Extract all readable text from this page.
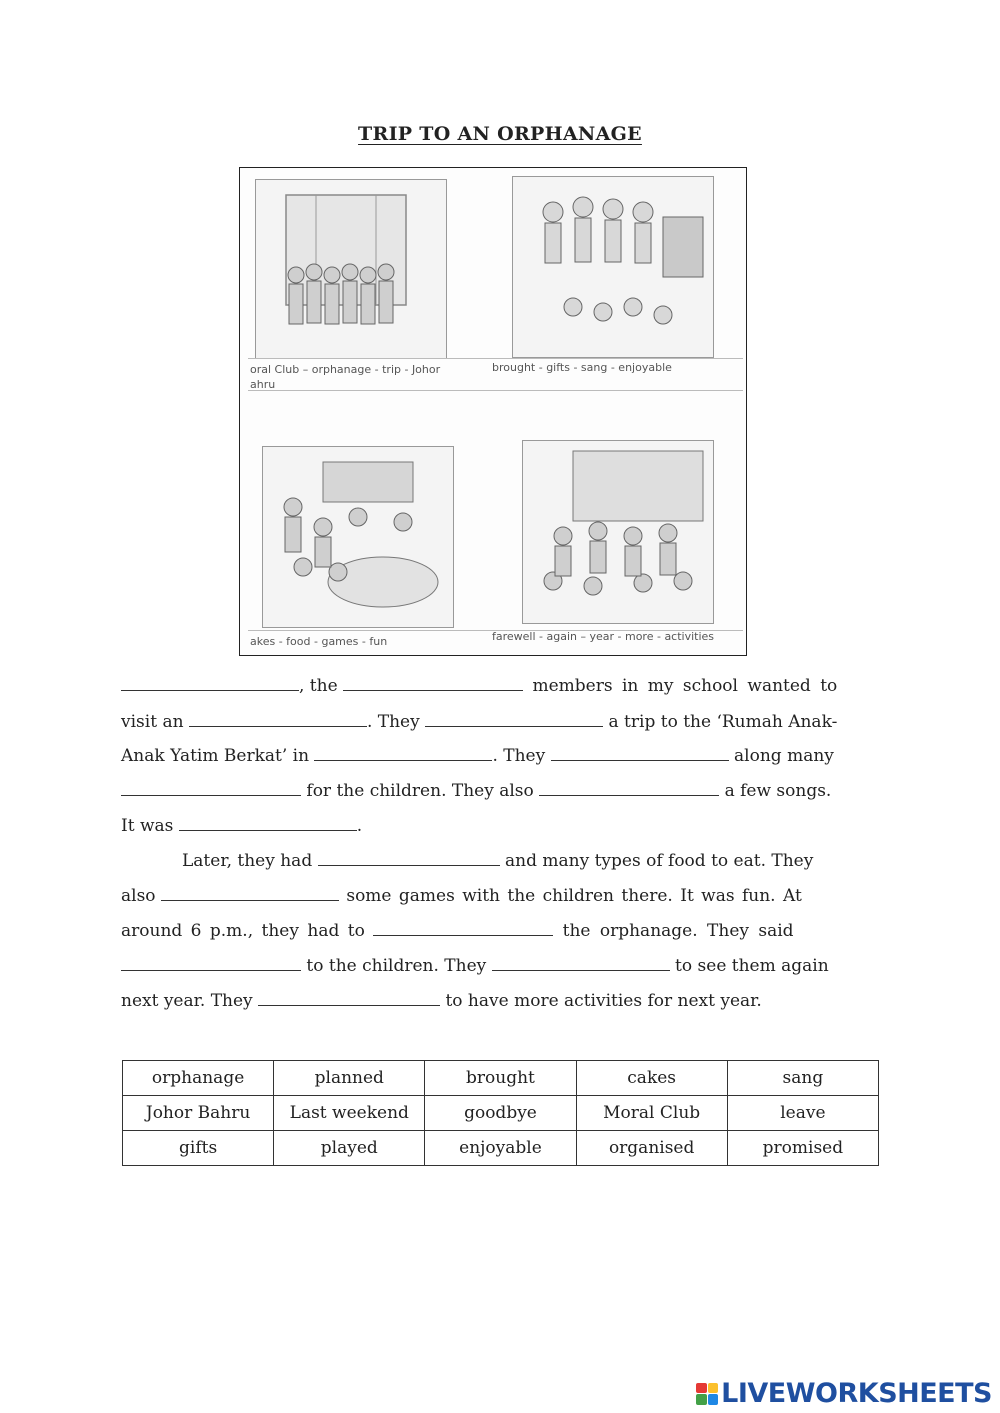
TRIP TO AN ORPHANAGE
oral Club – orphanage - trip - Johor
ahru
brought - gifts - sang - enjoyable
akes - food - games - fun	farewell - again – year - more - activities
, the	members in my school wanted to
visit an	. They	a trip to the ‘Rumah Anak-
Anak Yatim Berkat’ in	. They	along many
for the children. They also	a few songs.
It was	.
Later, they had	and many types of food to eat. They
also	some games with the children there. It was fun. At
around 6 p.m., they had to	the orphanage. They said
to the children. They	to see them again
next year. They	to have more activities for next year.
orphanage	planned	brought	cakes	sang
Johor Bahru	Last weekend	goodbye	Moral Club	leave
gifts	played	enjoyable	organised	promised
LIVEWORKSHEETS
